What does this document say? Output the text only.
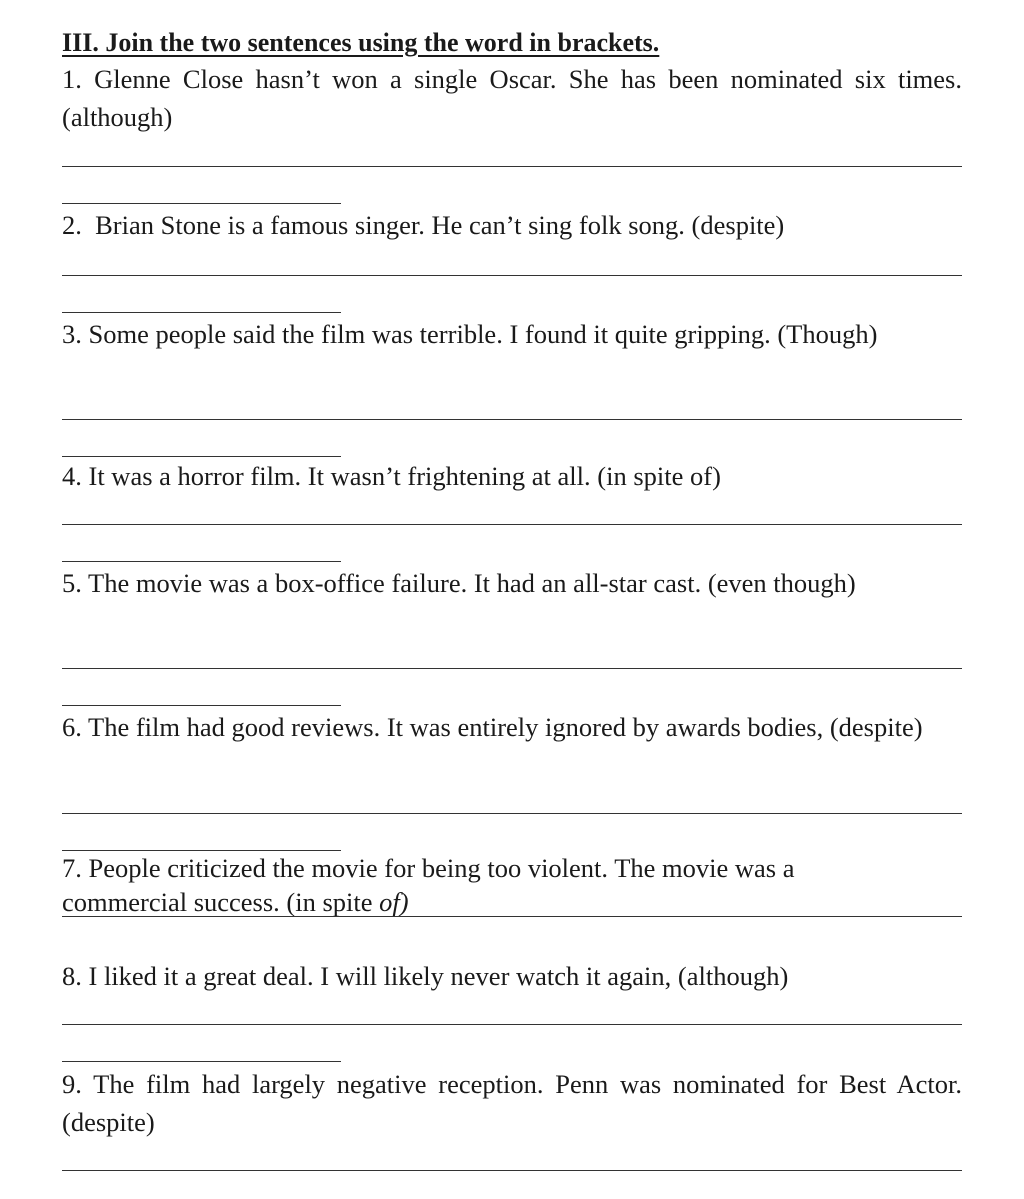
III. Join the two sentences using the word in brackets.
1. Glenne Close hasn’t won a single Oscar. She has been nominated six times. (although)
2. Brian Stone is a famous singer. He can’t sing folk song. (despite)
3. Some people said the film was terrible. I found it quite gripping. (Though)
4. It was a horror film. It wasn’t frightening at all. (in spite of)
5. The movie was a box-office failure. It had an all-star cast. (even though)
6. The film had good reviews. It was entirely ignored by awards bodies, (despite)
7. People criticized the movie for being too violent. The movie was a
commercial success. (in spite of)
8. I liked it a great deal. I will likely never watch it again, (although)
9. The film had largely negative reception. Penn was nominated for Best Actor. (despite)
